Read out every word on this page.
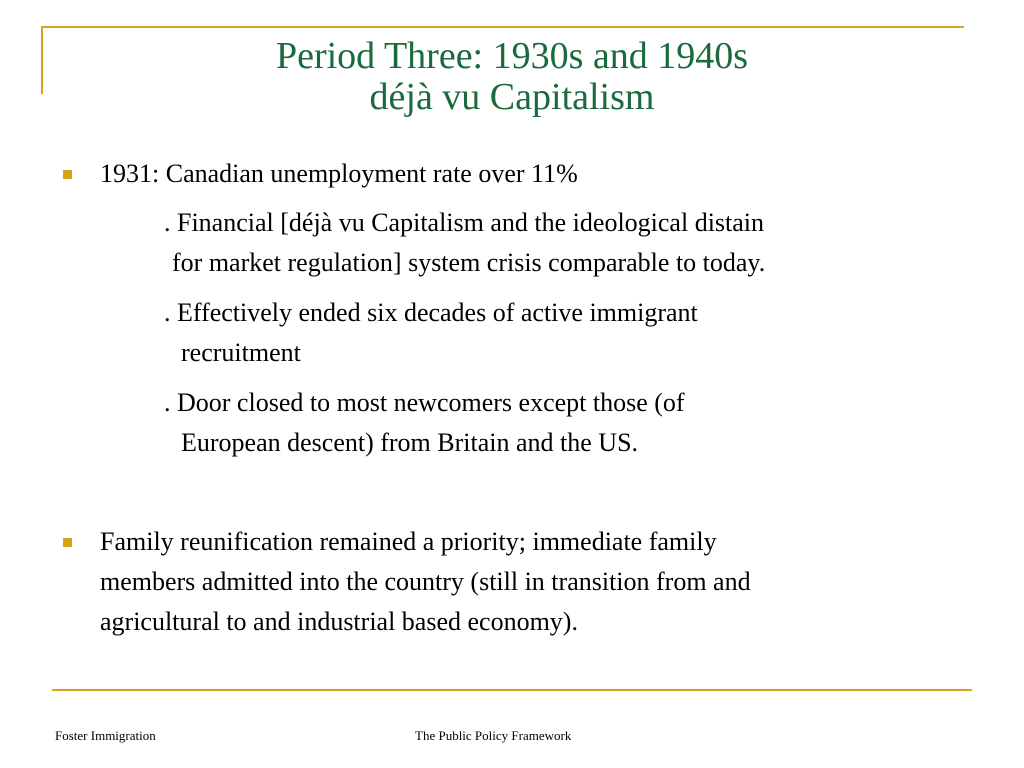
Period Three: 1930s and 1940s
déjà vu Capitalism
1931: Canadian unemployment rate over 11%
. Financial [déjà vu Capitalism and the ideological distain
for market regulation] system crisis comparable to today.
. Effectively ended six decades of active immigrant
recruitment
. Door closed to most newcomers except those (of
European descent) from Britain and the US.
Family reunification remained a priority; immediate family
members admitted into the country (still in transition from and
agricultural to and industrial based economy).
Foster Immigration	The Public Policy Framework
